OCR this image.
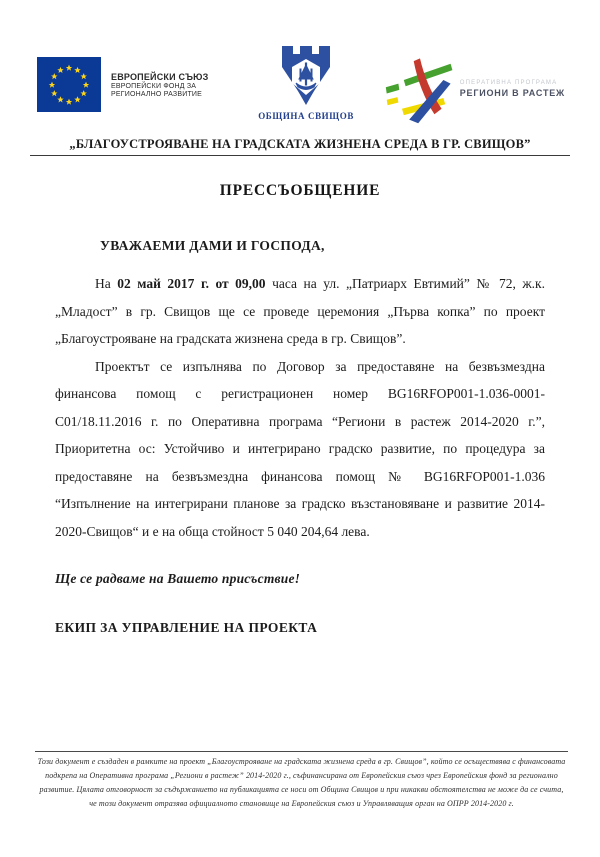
ЕВРОПЕЙСКИ СЪЮЗ
ЕВРОПЕЙСКИ ФОНД ЗА
РЕГИОНАЛНО РАЗВИТИЕ
ОБЩИНА СВИЩОВ
ОПЕРАТИВНА ПРОГРАМА
РЕГИОНИ В РАСТЕЖ
„БЛАГОУСТРОЯВАНЕ НА ГРАДСКАТА ЖИЗНЕНА СРЕДА В ГР. СВИЩОВ”
ПРЕССЪОБЩЕНИЕ
УВАЖАЕМИ ДАМИ И ГОСПОДА,

На 02 май 2017 г. от 09,00 часа на ул. „Патриарх Евтимий” № 72, ж.к. „Младост” в гр. Свищов ще се проведе церемония „Първа копка” по проект „Благоустрояване на градската жизнена среда в гр. Свищов”.

Проектът се изпълнява по Договор за предоставяне на безвъзмездна финансова помощ с регистрационен номер BG16RFOP001-1.036-0001-C01/18.11.2016 г. по Оперативна програма “Региони в растеж 2014-2020 г.”, Приоритетна ос: Устойчиво и интегрирано градско развитие, по процедура за предоставяне на безвъзмездна финансова помощ № BG16RFOP001-1.036 “Изпълнение на интегрирани планове за градско възстановяване и развитие 2014-2020-Свищов“ и е на обща стойност 5 040 204,64 лева.

Ще се радваме на Вашето присъствие!
ЕКИП ЗА УПРАВЛЕНИЕ НА ПРОЕКТА
Този документ е създаден в рамките на проект „Благоустрояване на градската жизнена среда в гр. Свищов”, който се осъществява с финансовата подкрепа на Оперативна програма „Региони в растеж” 2014-2020 г., съфинансирана от Европейския съюз чрез Европейския фонд за регионално развитие. Цялата отговорност за съдържанието на публикацията се носи от Община Свищов и при никакви обстоятелства не може да се счита, че този документ отразява официалното становище на Европейския съюз и Управляващия орган на ОПРР 2014-2020 г.
